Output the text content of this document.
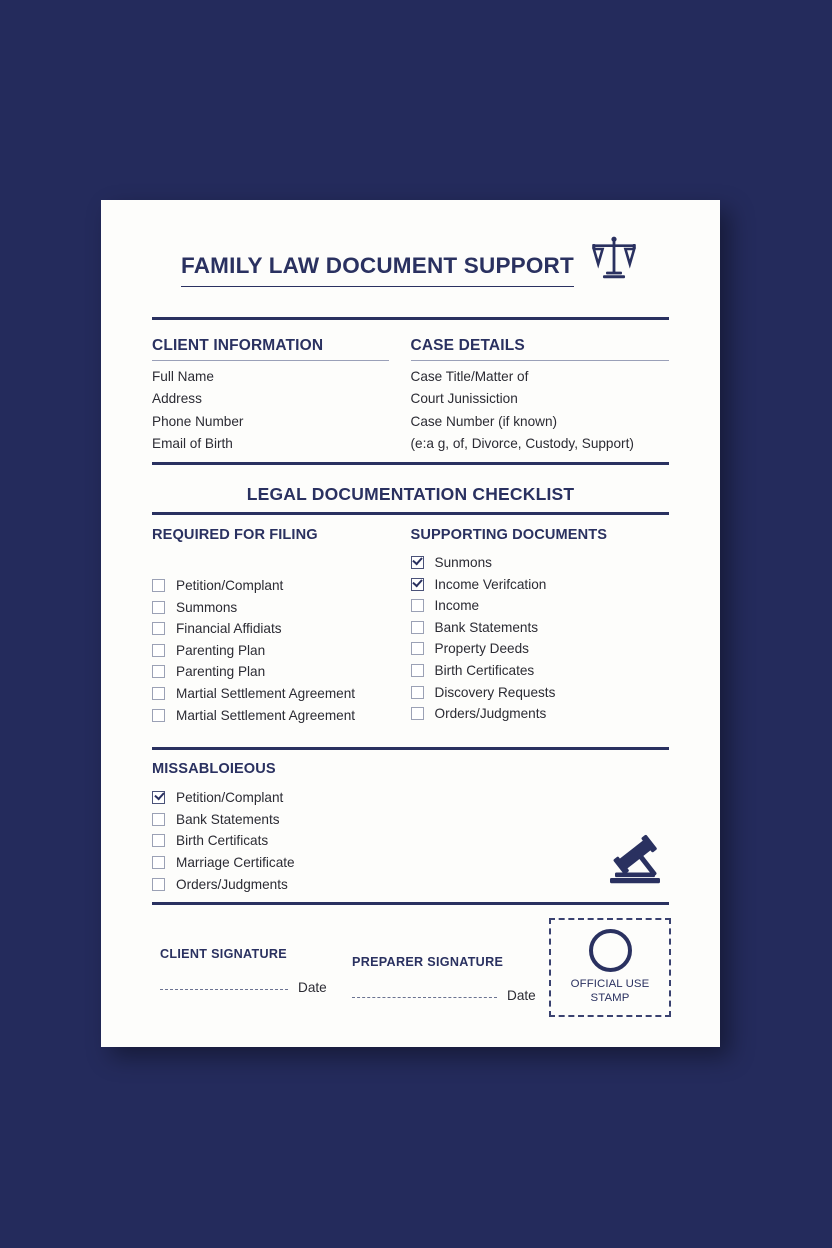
FAMILY LAW DOCUMENT SUPPORT
CLIENT INFORMATION
Full Name
Address
Phone Number
Email of Birth
CASE DETAILS
Case Title/Matter of
Court Junissiction
Case Number (if known)
(e:a g, of, Divorce, Custody, Support)
LEGAL DOCUMENTATION CHECKLIST
REQUIRED FOR FILING
Petition/Complant
Summons
Financial Affidiats
Parenting Plan
Parenting Plan
Martial Settlement Agreement
Martial Settlement Agreement
SUPPORTING DOCUMENTS
Sunmons
Income Verifcation
Income
Bank Statements
Property Deeds
Birth Certificates
Discovery Requests
Orders/Judgments
MISSABLOIEOUS
Petition/Complant
Bank Statements
Birth Certificats
Marriage Certificate
Orders/Judgments
CLIENT SIGNATURE
Date
PREPARER SIGNATURE
Date
OFFICIAL USE
STAMP
